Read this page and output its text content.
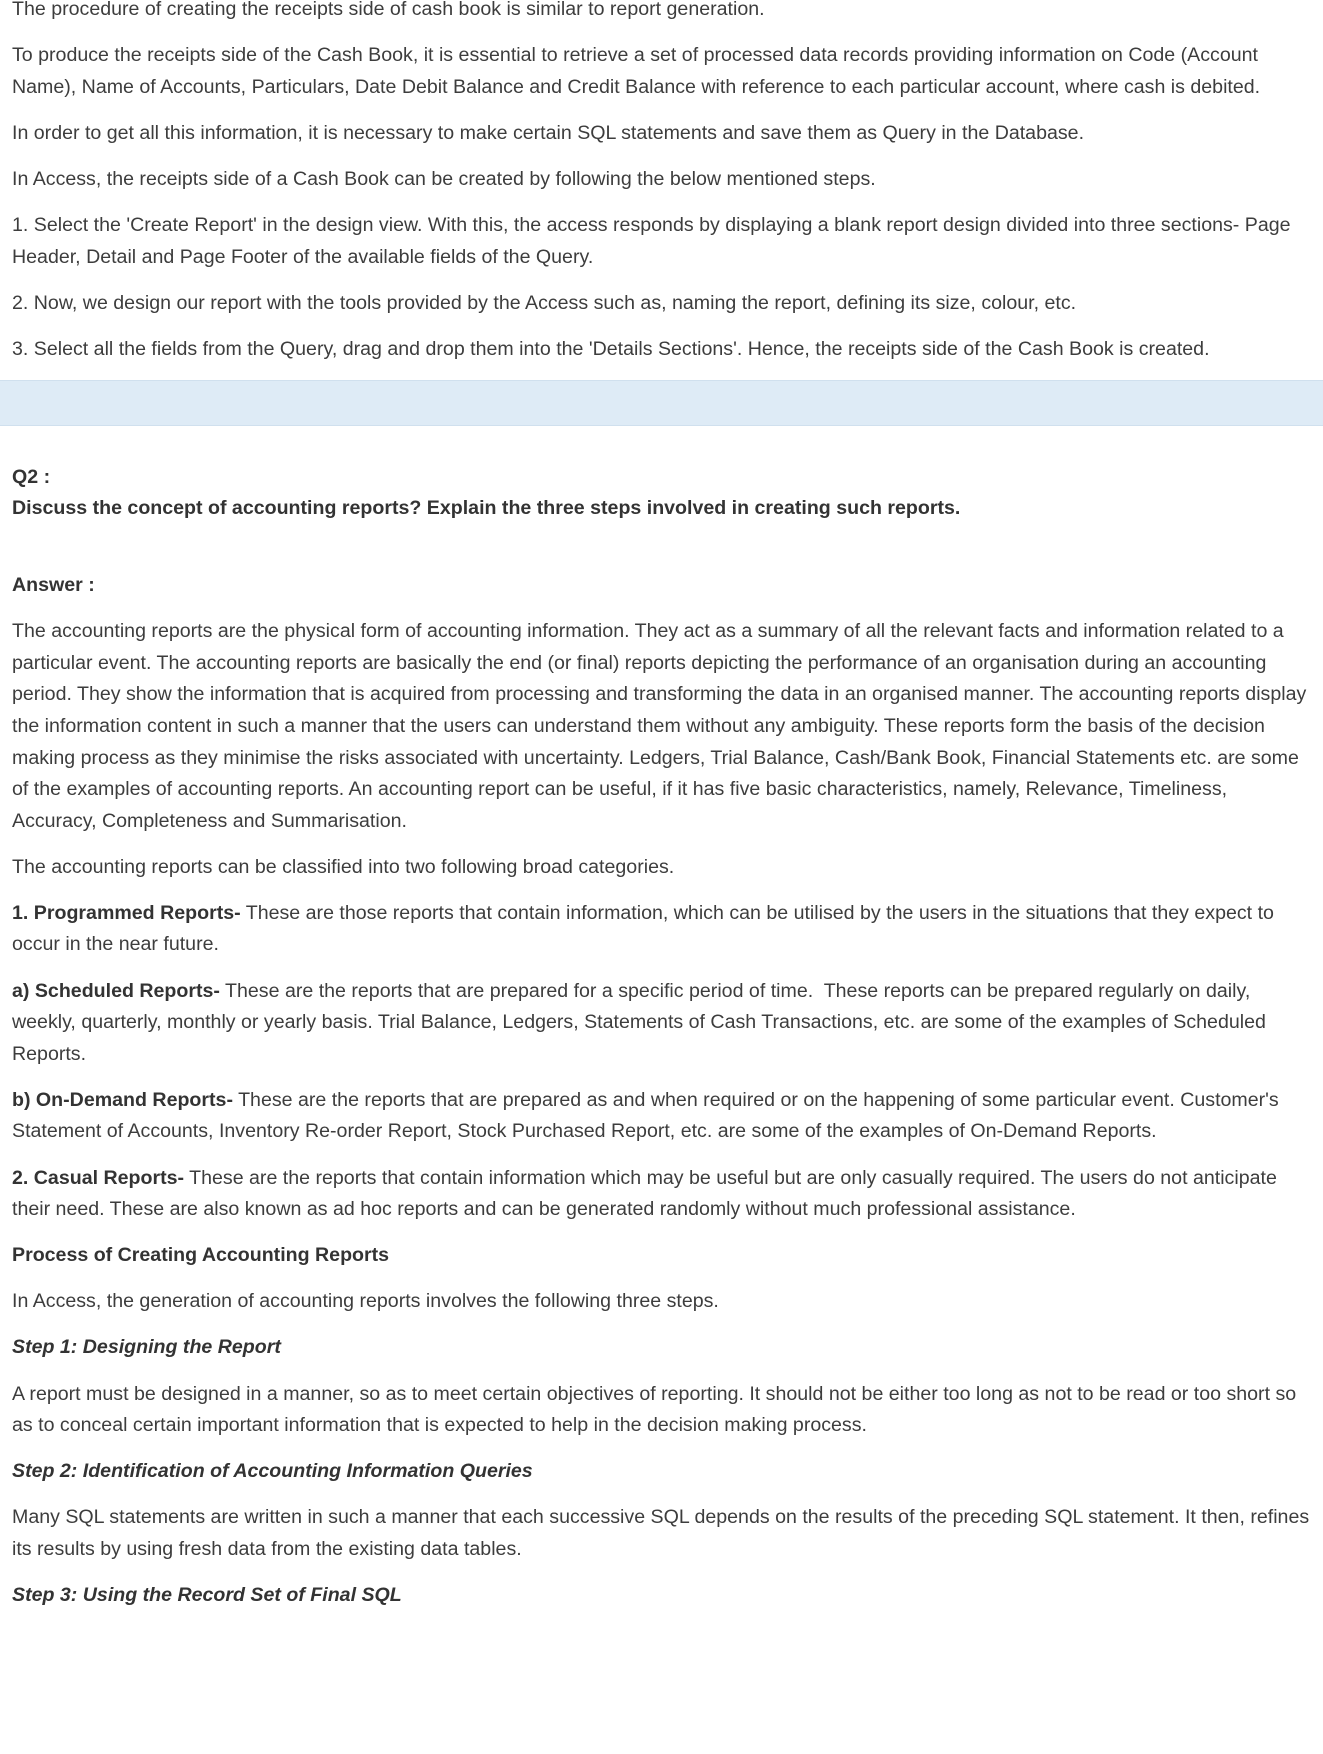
The procedure of creating the receipts side of cash book is similar to report generation.

To produce the receipts side of the Cash Book, it is essential to retrieve a set of processed data records providing information on Code (Account Name), Name of Accounts, Particulars, Date Debit Balance and Credit Balance with reference to each particular account, where cash is debited.

In order to get all this information, it is necessary to make certain SQL statements and save them as Query in the Database.

In Access, the receipts side of a Cash Book can be created by following the below mentioned steps.

1. Select the 'Create Report' in the design view. With this, the access responds by displaying a blank report design divided into three sections- Page Header, Detail and Page Footer of the available fields of the Query.

2. Now, we design our report with the tools provided by the Access such as, naming the report, defining its size, colour, etc.

3. Select all the fields from the Query, drag and drop them into the 'Details Sections'. Hence, the receipts side of the Cash Book is created.

Q2 :

Discuss the concept of accounting reports? Explain the three steps involved in creating such reports.

Answer :

The accounting reports are the physical form of accounting information. They act as a summary of all the relevant facts and information related to a particular event. The accounting reports are basically the end (or final) reports depicting the performance of an organisation during an accounting period. They show the information that is acquired from processing and transforming the data in an organised manner. The accounting reports display the information content in such a manner that the users can understand them without any ambiguity. These reports form the basis of the decision making process as they minimise the risks associated with uncertainty. Ledgers, Trial Balance, Cash/Bank Book, Financial Statements etc. are some of the examples of accounting reports. An accounting report can be useful, if it has five basic characteristics, namely, Relevance, Timeliness, Accuracy, Completeness and Summarisation.

The accounting reports can be classified into two following broad categories.

1. Programmed Reports- These are those reports that contain information, which can be utilised by the users in the situations that they expect to occur in the near future.

a) Scheduled Reports- These are the reports that are prepared for a specific period of time.  These reports can be prepared regularly on daily, weekly, quarterly, monthly or yearly basis. Trial Balance, Ledgers, Statements of Cash Transactions, etc. are some of the examples of Scheduled Reports.

b) On-Demand Reports- These are the reports that are prepared as and when required or on the happening of some particular event. Customer's Statement of Accounts, Inventory Re-order Report, Stock Purchased Report, etc. are some of the examples of On-Demand Reports.

2. Casual Reports- These are the reports that contain information which may be useful but are only casually required. The users do not anticipate their need. These are also known as ad hoc reports and can be generated randomly without much professional assistance.

Process of Creating Accounting Reports

In Access, the generation of accounting reports involves the following three steps.

Step 1: Designing the Report

A report must be designed in a manner, so as to meet certain objectives of reporting. It should not be either too long as not to be read or too short so as to conceal certain important information that is expected to help in the decision making process.

Step 2: Identification of Accounting Information Queries

Many SQL statements are written in such a manner that each successive SQL depends on the results of the preceding SQL statement. It then, refines its results by using fresh data from the existing data tables.

Step 3: Using the Record Set of Final SQL
